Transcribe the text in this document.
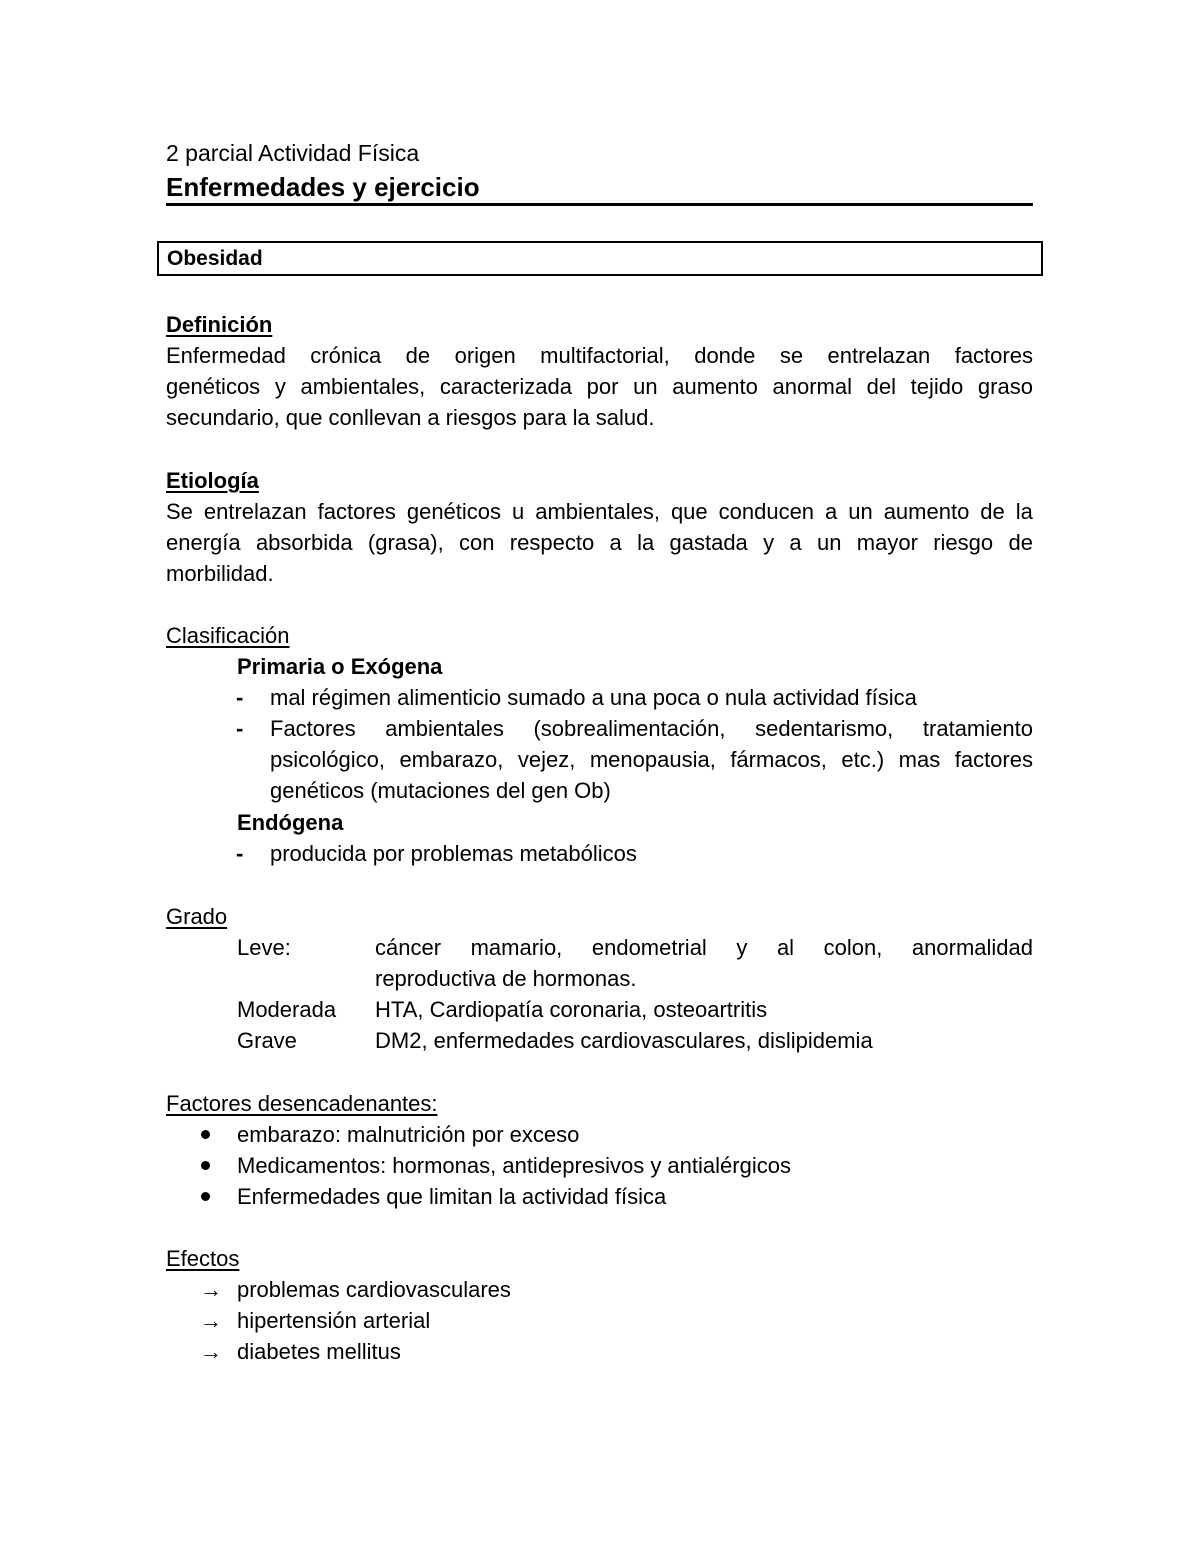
2 parcial Actividad Física
Enfermedades y ejercicio
Obesidad
Definición
Enfermedad crónica de origen multifactorial, donde se entrelazan factores
genéticos y ambientales, caracterizada por un aumento anormal del tejido graso
secundario, que conllevan a riesgos para la salud.
Etiología
Se entrelazan factores genéticos u ambientales, que conducen a un aumento de la
energía absorbida (grasa), con respecto a la gastada y a un mayor riesgo de
morbilidad.
Clasificación
Primaria o Exógena
- mal régimen alimenticio sumado a una poca o nula actividad física
- Factores ambientales (sobrealimentación, sedentarismo, tratamiento
psicológico, embarazo, vejez, menopausia, fármacos, etc.) mas factores
genéticos (mutaciones del gen Ob)
Endógena
- producida por problemas metabólicos
Grado
Leve:	cáncer mamario, endometrial y al colon, anormalidad
reproductiva de hormonas.
Moderada HTA, Cardiopatía coronaria, osteoartritis
Grave	DM2, enfermedades cardiovasculares, dislipidemia
Factores desencadenantes:
embarazo: malnutrición por exceso
Medicamentos: hormonas, antidepresivos y antialérgicos
Enfermedades que limitan la actividad física
Efectos
→ problemas cardiovasculares
→ hipertensión arterial
→ diabetes mellitus
